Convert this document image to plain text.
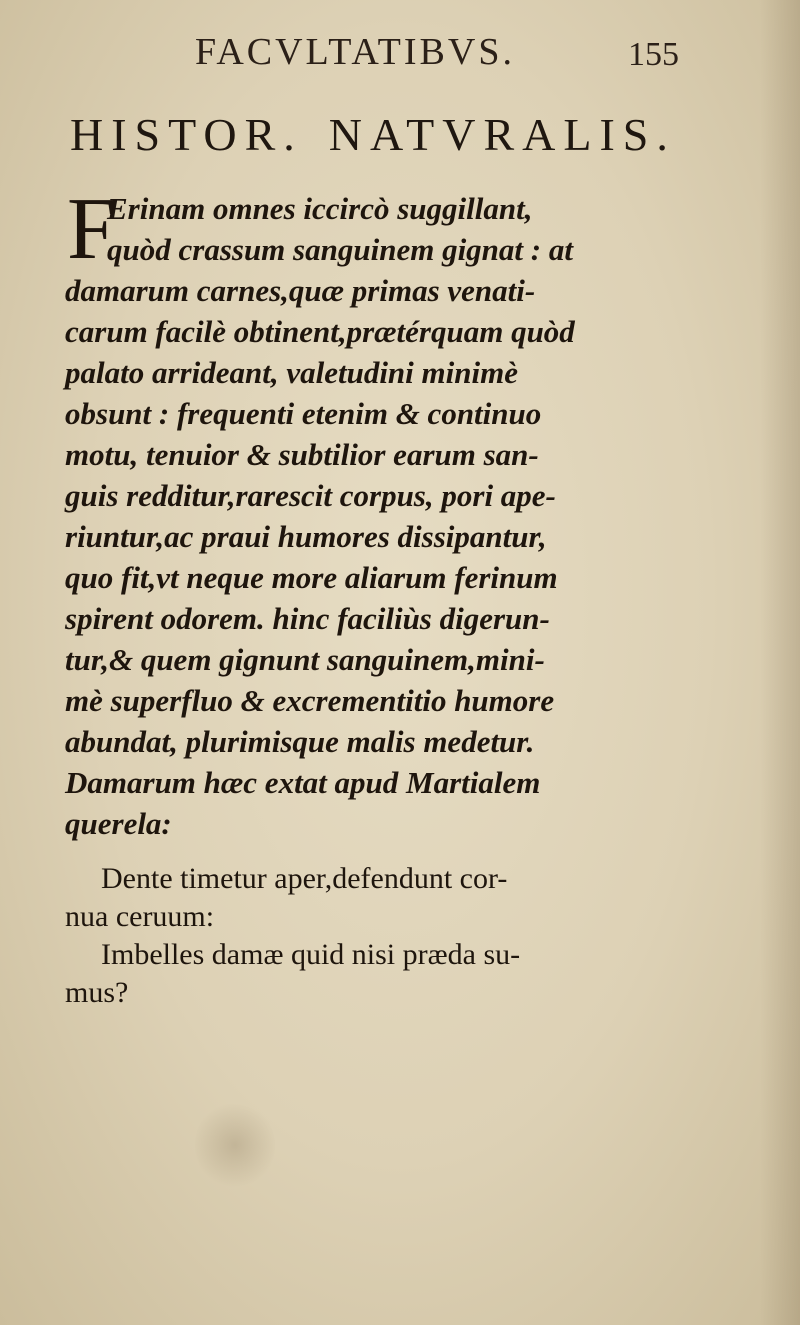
FACVLTATIBVS.	155
HISTOR. NATVRALIS.
F
Erinam omnes iccircò suggillant,
quòd crassum sanguinem gignat : at
damarum carnes,quæ primas venati-
carum facilè obtinent,prætérquam quòd
palato arrideant, valetudini minimè
obsunt : frequenti etenim & continuo
motu, tenuior & subtilior earum san-
guis redditur,rarescit corpus, pori ape-
riuntur,ac praui humores dissipantur,
quo fit,vt neque more aliarum ferinum
spirent odorem. hinc faciliùs digerun-
tur,& quem gignunt sanguinem,mini-
mè superfluo & excrementitio humore
abundat, plurimisque malis medetur.
Damarum hæc extat apud Martialem
querela:
Dente timetur aper,defendunt cor-
nua ceruum:
Imbelles damæ quid nisi præda su-
mus?
